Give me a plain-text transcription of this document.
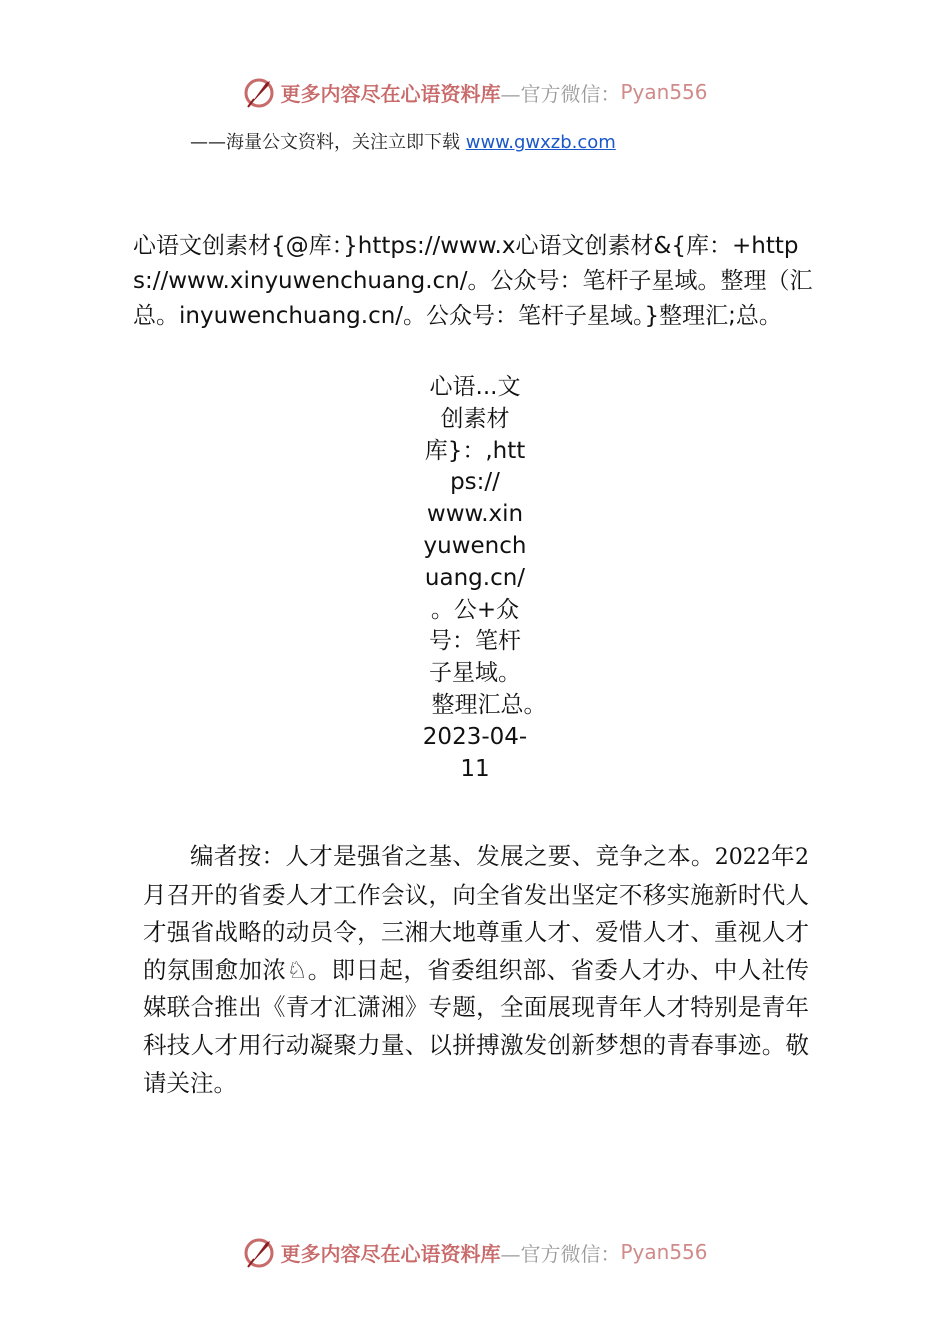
更多内容尽在心语资料库 —官方微信： Pyan556
——海量公文资料，关注立即下载 www.gwxzb.com
心语文创素材{@库：}https://www.x心语文创素材&{库：+https://www.xinyuwenchuang.cn/。公众号：笔杆子星域。整理（汇总。inyuwenchuang.cn/。公众号：笔杆子星域。}整理汇;总。
心语...文
创素材
库}：,htt
ps://
www.xin
yuwench
uang.cn/
。公+众
号：笔杆
子星域。
整理汇总。
2023-04-
11
编者按：人才是强省之基、发展之要、竞争之本。2022年2月召开的省委人才工作会议，向全省发出坚定不移实施新时代人才强省战略的动员令，三湘大地尊重人才、爱惜人才、重视人才的氛围愈加浓♘。即日起，省委组织部、省委人才办、中人社传媒联合推出《青才汇潇湘》专题，全面展现青年人才特别是青年科技人才用行动凝聚力量、以拼搏激发创新梦想的青春事迹。敬请关注。
更多内容尽在心语资料库 —官方微信： Pyan556
